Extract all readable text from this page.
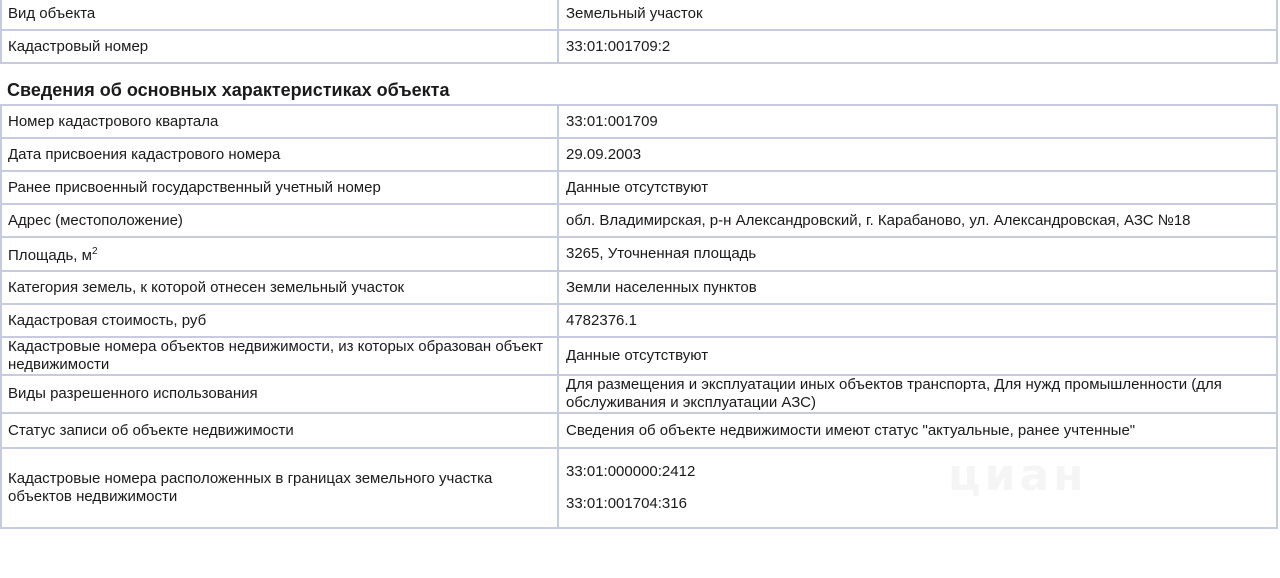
Вид объекта	Земельный участок
Кадастровый номер	33:01:001709:2
Сведения об основных характеристиках объекта
Номер кадастрового квартала	33:01:001709
Дата присвоения кадастрового номера	29.09.2003
Ранее присвоенный государственный учетный номер	Данные отсутствуют
Адрес (местоположение)	обл. Владимирская, р-н Александровский, г. Карабаново, ул. Александровская, АЗС №18
Площадь, $м^2$	3265, Уточненная площадь
Категория земель, к которой отнесен земельный участок	Земли населенных пунктов
Кадастровая стоимость, руб	4782376.1
Кадастровые номера объектов недвижимости, из которых образован объект недвижимости	Данные отсутствуют
Виды разрешенного использования	Для размещения и эксплуатации иных объектов транспорта, Для нужд промышленности (для обслуживания и эксплуатации АЗС)
Статус записи об объекте недвижимости	Сведения об объекте недвижимости имеют статус "актуальные, ранее учтенные"
Кадастровые номера расположенных в границах земельного участка объектов недвижимости	33:01:000000:2412
33:01:001704:316
циан
